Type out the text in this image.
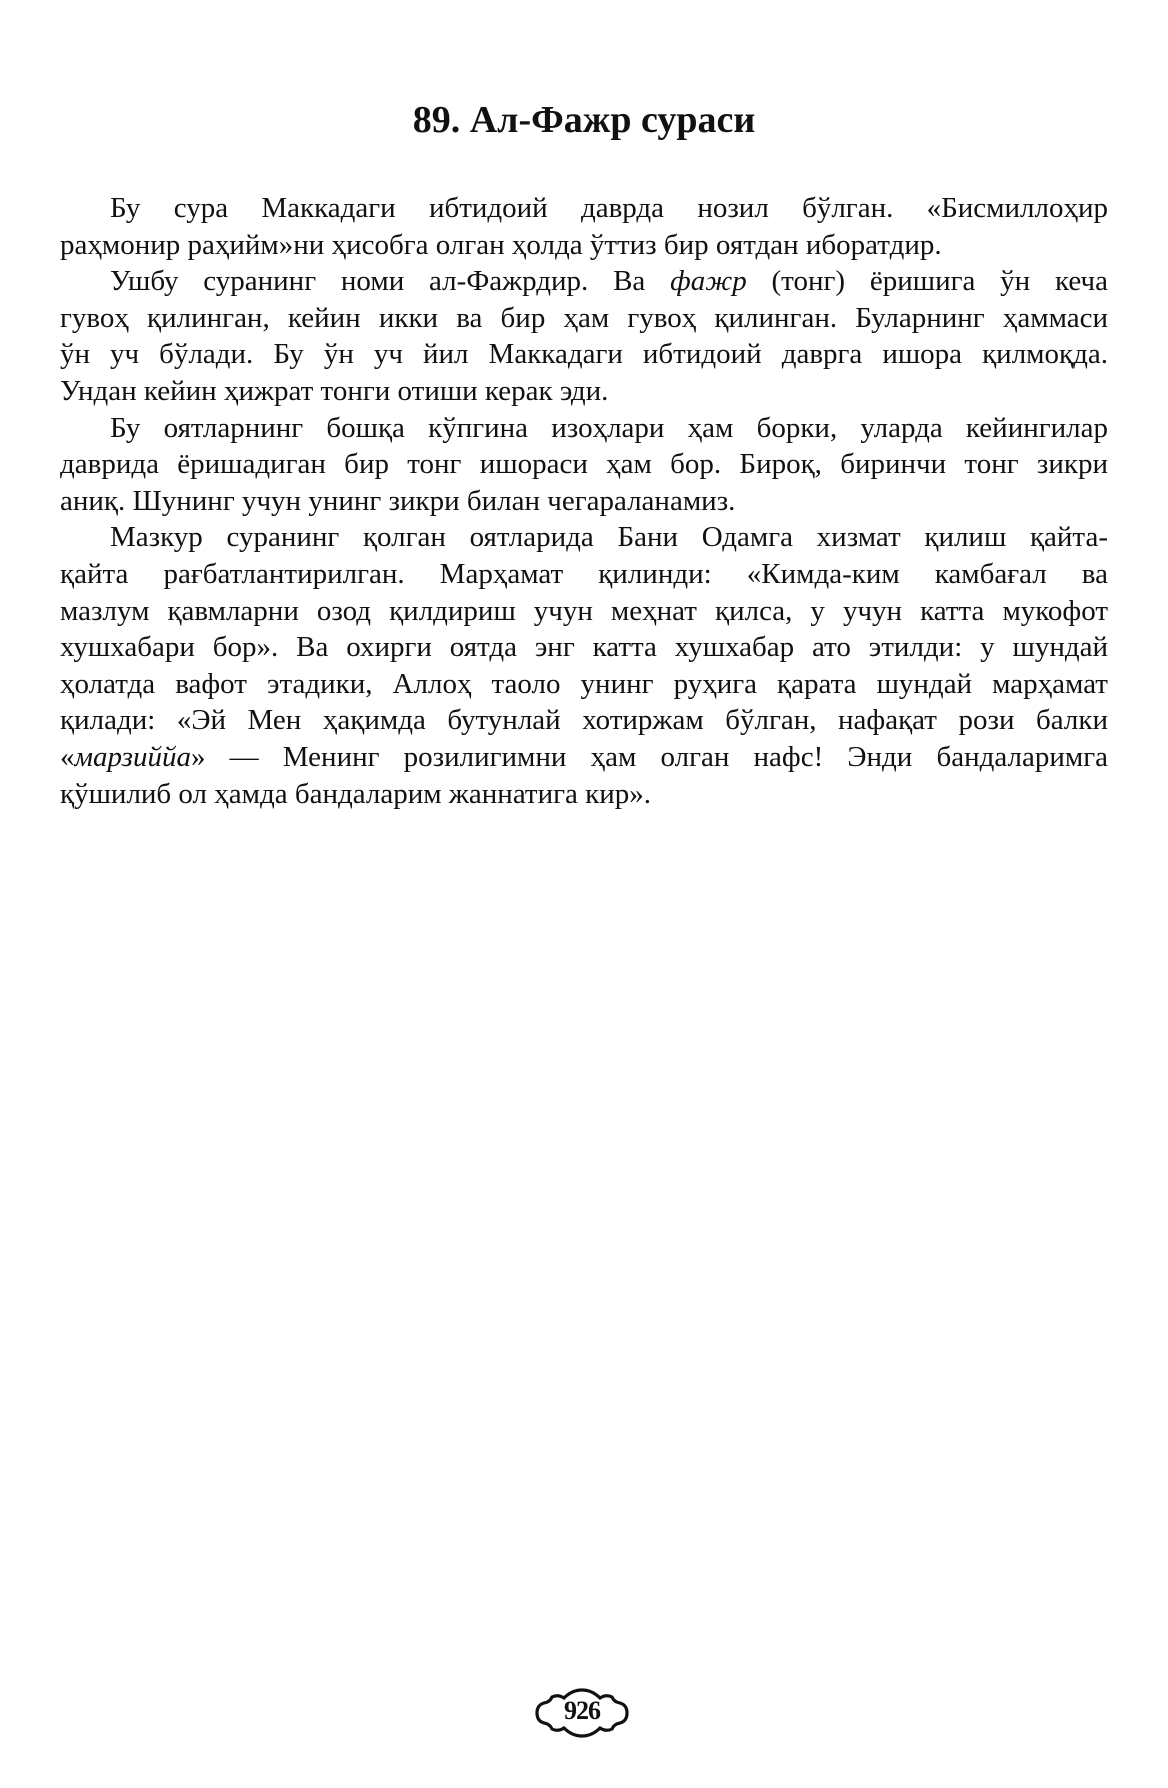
89. Ал-Фажр сураси
Бу сура Маккадаги ибтидоий даврда нозил бўлган. «Бисмиллоҳир
раҳмонир раҳийм»ни ҳисобга олган ҳолда ўттиз бир оятдан иборатдир.
Ушбу суранинг номи ал-Фажрдир. Ва фажр (тонг) ёришига ўн кеча
гувоҳ қилинган, кейин икки ва бир ҳам гувоҳ қилинган. Буларнинг ҳаммаси
ўн уч бўлади. Бу ўн уч йил Маккадаги ибтидоий даврга ишора қилмоқда.
Ундан кейин ҳижрат тонги отиши керак эди.
Бу оятларнинг бошқа кўпгина изоҳлари ҳам борки, уларда кейингилар
даврида ёришадиган бир тонг ишораси ҳам бор. Бироқ, биринчи тонг зикри
аниқ. Шунинг учун унинг зикри билан чегараланамиз.
Мазкур суранинг қолган оятларида Бани Одамга хизмат қилиш қайта-
қайта рағбатлантирилган. Марҳамат қилинди: «Кимда-ким камбағал ва
мазлум қавмларни озод қилдириш учун меҳнат қилса, у учун катта мукофот
хушхабари бор». Ва охирги оятда энг катта хушхабар ато этилди: у шундай
ҳолатда вафот этадики, Аллоҳ таоло унинг руҳига қарата шундай марҳамат
қилади: «Эй Мен ҳақимда бутунлай хотиржам бўлган, нафақат рози балки
«марзиййа» — Менинг розилигимни ҳам олган нафс! Энди бандаларимга
қўшилиб ол ҳамда бандаларим жаннатига кир».
926
